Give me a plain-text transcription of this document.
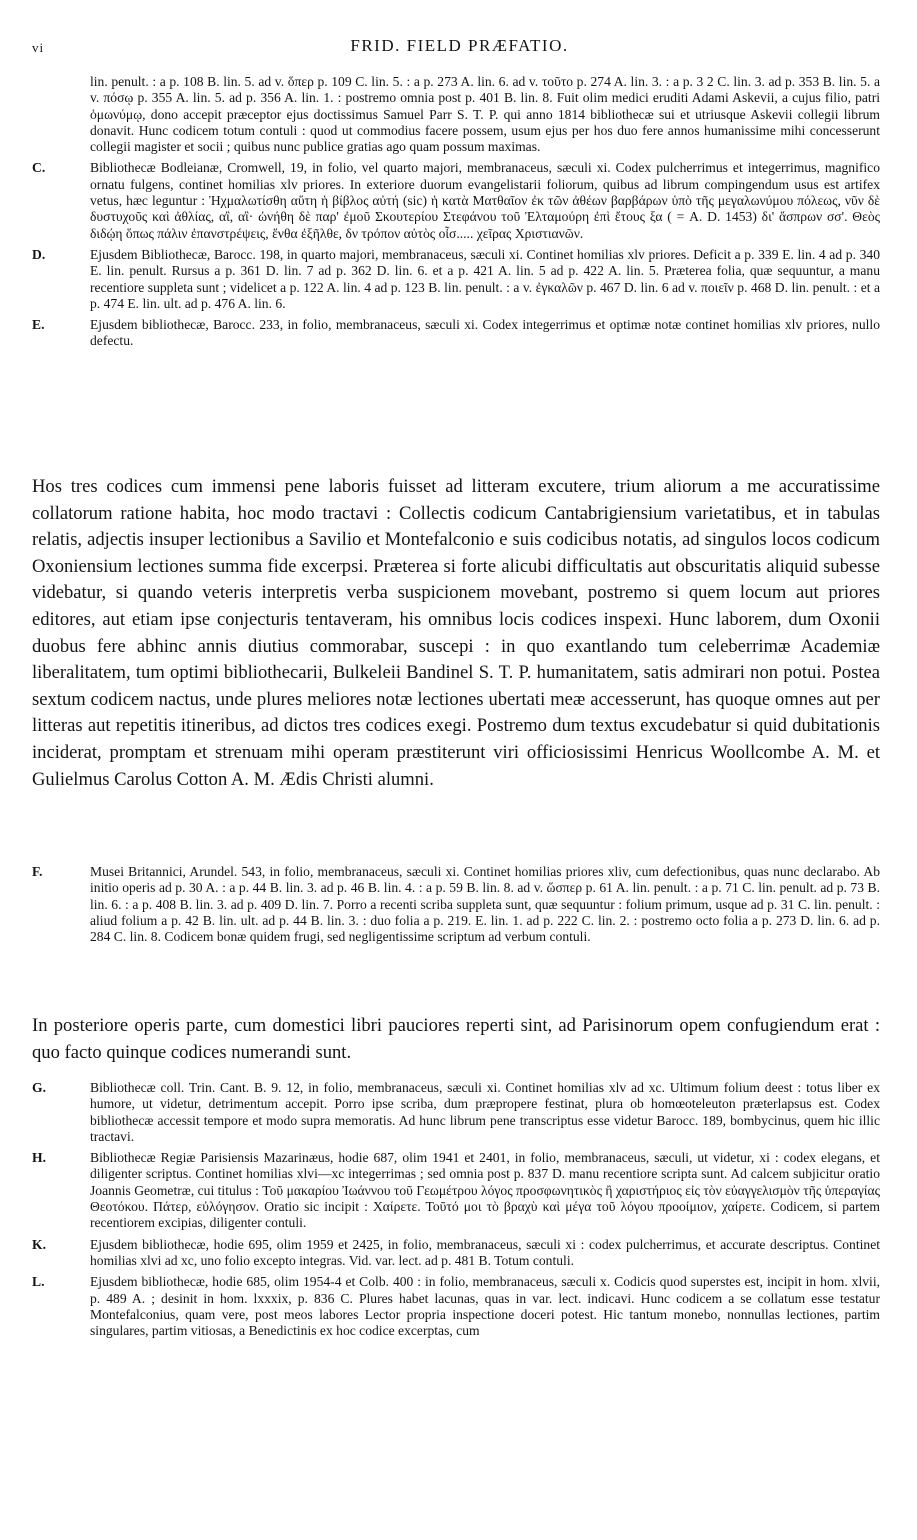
vi	FRID. FIELD PRÆFATIO.

lin. penult. : a p. 108 B. lin. 5. ad v. ὅπερ p. 109 C. lin. 5. : a p. 273 A. lin. 6. ad v. τοῦτο p. 274 A. lin. 3. : a p. 3 2 C. lin. 3. ad p. 353 B. lin. 5. a v. πόσῳ p. 355 A. lin. 5. ad p. 356 A. lin. 1. : postremo omnia post p. 401 B. lin. 8. Fuit olim medici eruditi Adami Askevii, a cujus filio, patri ὁμωνύμῳ, dono accepit præceptor ejus doctissimus Samuel Parr S. T. P. qui anno 1814 bibliothecæ sui et utriusque Askevii collegii librum donavit. Hunc codicem totum contuli : quod ut commodius facere possem, usum ejus per hos duo fere annos humanissime mihi concesserunt collegii magister et socii ; quibus nunc publice gratias ago quam possum maximas.

C.	Bibliothecæ Bodleianæ, Cromwell, 19, in folio, vel quarto majori, membranaceus, sæculi xi. Codex pulcherrimus et integerrimus, magnifico ornatu fulgens, continet homilias xlv priores. In exteriore duorum evangelistarii foliorum, quibus ad librum compingendum usus est artifex vetus, hæc leguntur : Ἠχμαλωτίσθη αὕτη ἡ βίβλος αὐτή (sic) ἡ κατὰ Ματθαῖον ἐκ τῶν ἀθέων βαρβάρων ὑπὸ τῆς μεγαλωνύμου πόλεως, νῦν δὲ δυστυχοῦς καὶ ἀθλίας, αἲ, αἲ· ὠνήθη δὲ παρ' ἐμοῦ Σκουτερίου Στεφάνου τοῦ Ἐλταμούρη ἐπὶ ἔτους ξα ( = A. D. 1453) δι' ἄσπρων σσ'. Θεὸς διδῴη ὅπως πάλιν ἐπανστρέψεις, ἔνθα ἐξῆλθε, δν τρόπον αὐτὸς οἶσ..... χεῖρας Χριστιανῶν.

D.	Ejusdem Bibliothecæ, Barocc. 198, in quarto majori, membranaceus, sæculi xi. Continet homilias xlv priores. Deficit a p. 339 E. lin. 4 ad p. 340 E. lin. penult. Rursus a p. 361 D. lin. 7 ad p. 362 D. lin. 6. et a p. 421 A. lin. 5 ad p. 422 A. lin. 5. Præterea folia, quæ sequuntur, a manu recentiore suppleta sunt ; videlicet a p. 122 A. lin. 4 ad p. 123 B. lin. penult. : a v. ἐγκαλῶν p. 467 D. lin. 6 ad v. ποιεῖν p. 468 D. lin. penult. : et a p. 474 E. lin. ult. ad p. 476 A. lin. 6.

E.	Ejusdem bibliothecæ, Barocc. 233, in folio, membranaceus, sæculi xi. Codex integerrimus et optimæ notæ continet homilias xlv priores, nullo defectu.

Hos tres codices cum immensi pene laboris fuisset ad litteram excutere, trium aliorum a me accuratissime collatorum ratione habita, hoc modo tractavi : Collectis codicum Cantabrigiensium varietatibus, et in tabulas relatis, adjectis insuper lectionibus a Savilio et Montefalconio e suis codicibus notatis, ad singulos locos codicum Oxoniensium lectiones summa fide excerpsi. Præterea si forte alicubi difficultatis aut obscuritatis aliquid subesse videbatur, si quando veteris interpretis verba suspicionem movebant, postremo si quem locum aut priores editores, aut etiam ipse conjecturis tentaveram, his omnibus locis codices inspexi. Hunc laborem, dum Oxonii duobus fere abhinc annis diutius commorabar, suscepi : in quo exantlando tum celeberrimæ Academiæ liberalitatem, tum optimi bibliothecarii, Bulkeleii Bandinel S. T. P. humanitatem, satis admirari non potui. Postea sextum codicem nactus, unde plures meliores notæ lectiones ubertati meæ accesserunt, has quoque omnes aut per litteras aut repetitis itineribus, ad dictos tres codices exegi. Postremo dum textus excudebatur si quid dubitationis inciderat, promptam et strenuam mihi operam præstiterunt viri officiosissimi Henricus Woollcombe A. M. et Gulielmus Carolus Cotton A. M. Ædis Christi alumni.

F.	Musei Britannici, Arundel. 543, in folio, membranaceus, sæculi xi. Continet homilias priores xliv, cum defectionibus, quas nunc declarabo. Ab initio operis ad p. 30 A. : a p. 44 B. lin. 3. ad p. 46 B. lin. 4. : a p. 59 B. lin. 8. ad v. ὥσπερ p. 61 A. lin. penult. : a p. 71 C. lin. penult. ad p. 73 B. lin. 6. : a p. 408 B. lin. 3. ad p. 409 D. lin. 7. Porro a recenti scriba suppleta sunt, quæ sequuntur : folium primum, usque ad p. 31 C. lin. penult. : aliud folium a p. 42 B. lin. ult. ad p. 44 B. lin. 3. : duo folia a p. 219. E. lin. 1. ad p. 222 C. lin. 2. : postremo octo folia a p. 273 D. lin. 6. ad p. 284 C. lin. 8. Codicem bonæ quidem frugi, sed negligentissime scriptum ad verbum contuli.

In posteriore operis parte, cum domestici libri pauciores reperti sint, ad Parisinorum opem confugiendum erat : quo facto quinque codices numerandi sunt.

G.	Bibliothecæ coll. Trin. Cant. B. 9. 12, in folio, membranaceus, sæculi xi. Continet homilias xlv ad xc. Ultimum folium deest : totus liber ex humore, ut videtur, detrimentum accepit. Porro ipse scriba, dum præpropere festinat, plura ob homœoteleuton præterlapsus est. Codex bibliothecæ accessit tempore et modo supra memoratis. Ad hunc librum pene transcriptus esse videtur Barocc. 189, bombycinus, quem hic illic tractavi.

H.	Bibliothecæ Regiæ Parisiensis Mazarinæus, hodie 687, olim 1941 et 2401, in folio, membranaceus, sæculi, ut videtur, xi : codex elegans, et diligenter scriptus. Continet homilias xlvi—xc integerrimas ; sed omnia post p. 837 D. manu recentiore scripta sunt. Ad calcem subjicitur oratio Joannis Geometræ, cui titulus : Τοῦ μακαρίου Ἰωάννου τοῦ Γεωμέτρου λόγος προσφωνητικὸς ἢ χαριστήριος εἰς τὸν εὐαγγελισμὸν τῆς ὑπεραγίας Θεοτόκου. Πάτερ, εὐλόγησον. Oratio sic incipit : Χαίρετε. Τοῦτό μοι τὸ βραχὺ καὶ μέγα τοῦ λόγου προοίμιον, χαίρετε. Codicem, si partem recentiorem excipias, diligenter contuli.

K.	Ejusdem bibliothecæ, hodie 695, olim 1959 et 2425, in folio, membranaceus, sæculi xi : codex pulcherrimus, et accurate descriptus. Continet homilias xlvi ad xc, uno folio excepto integras. Vid. var. lect. ad p. 481 B. Totum contuli.

L.	Ejusdem bibliothecæ, hodie 685, olim 1954-4 et Colb. 400 : in folio, membranaceus, sæculi x. Codicis quod superstes est, incipit in hom. xlvii, p. 489 A. ; desinit in hom. lxxxix, p. 836 C. Plures habet lacunas, quas in var. lect. indicavi. Hunc codicem a se collatum esse testatur Montefalconius, quam vere, post meos labores Lector propria inspectione doceri potest. Hic tantum monebo, nonnullas lectiones, partim singulares, partim vitiosas, a Benedictinis ex hoc codice excerptas, cum
